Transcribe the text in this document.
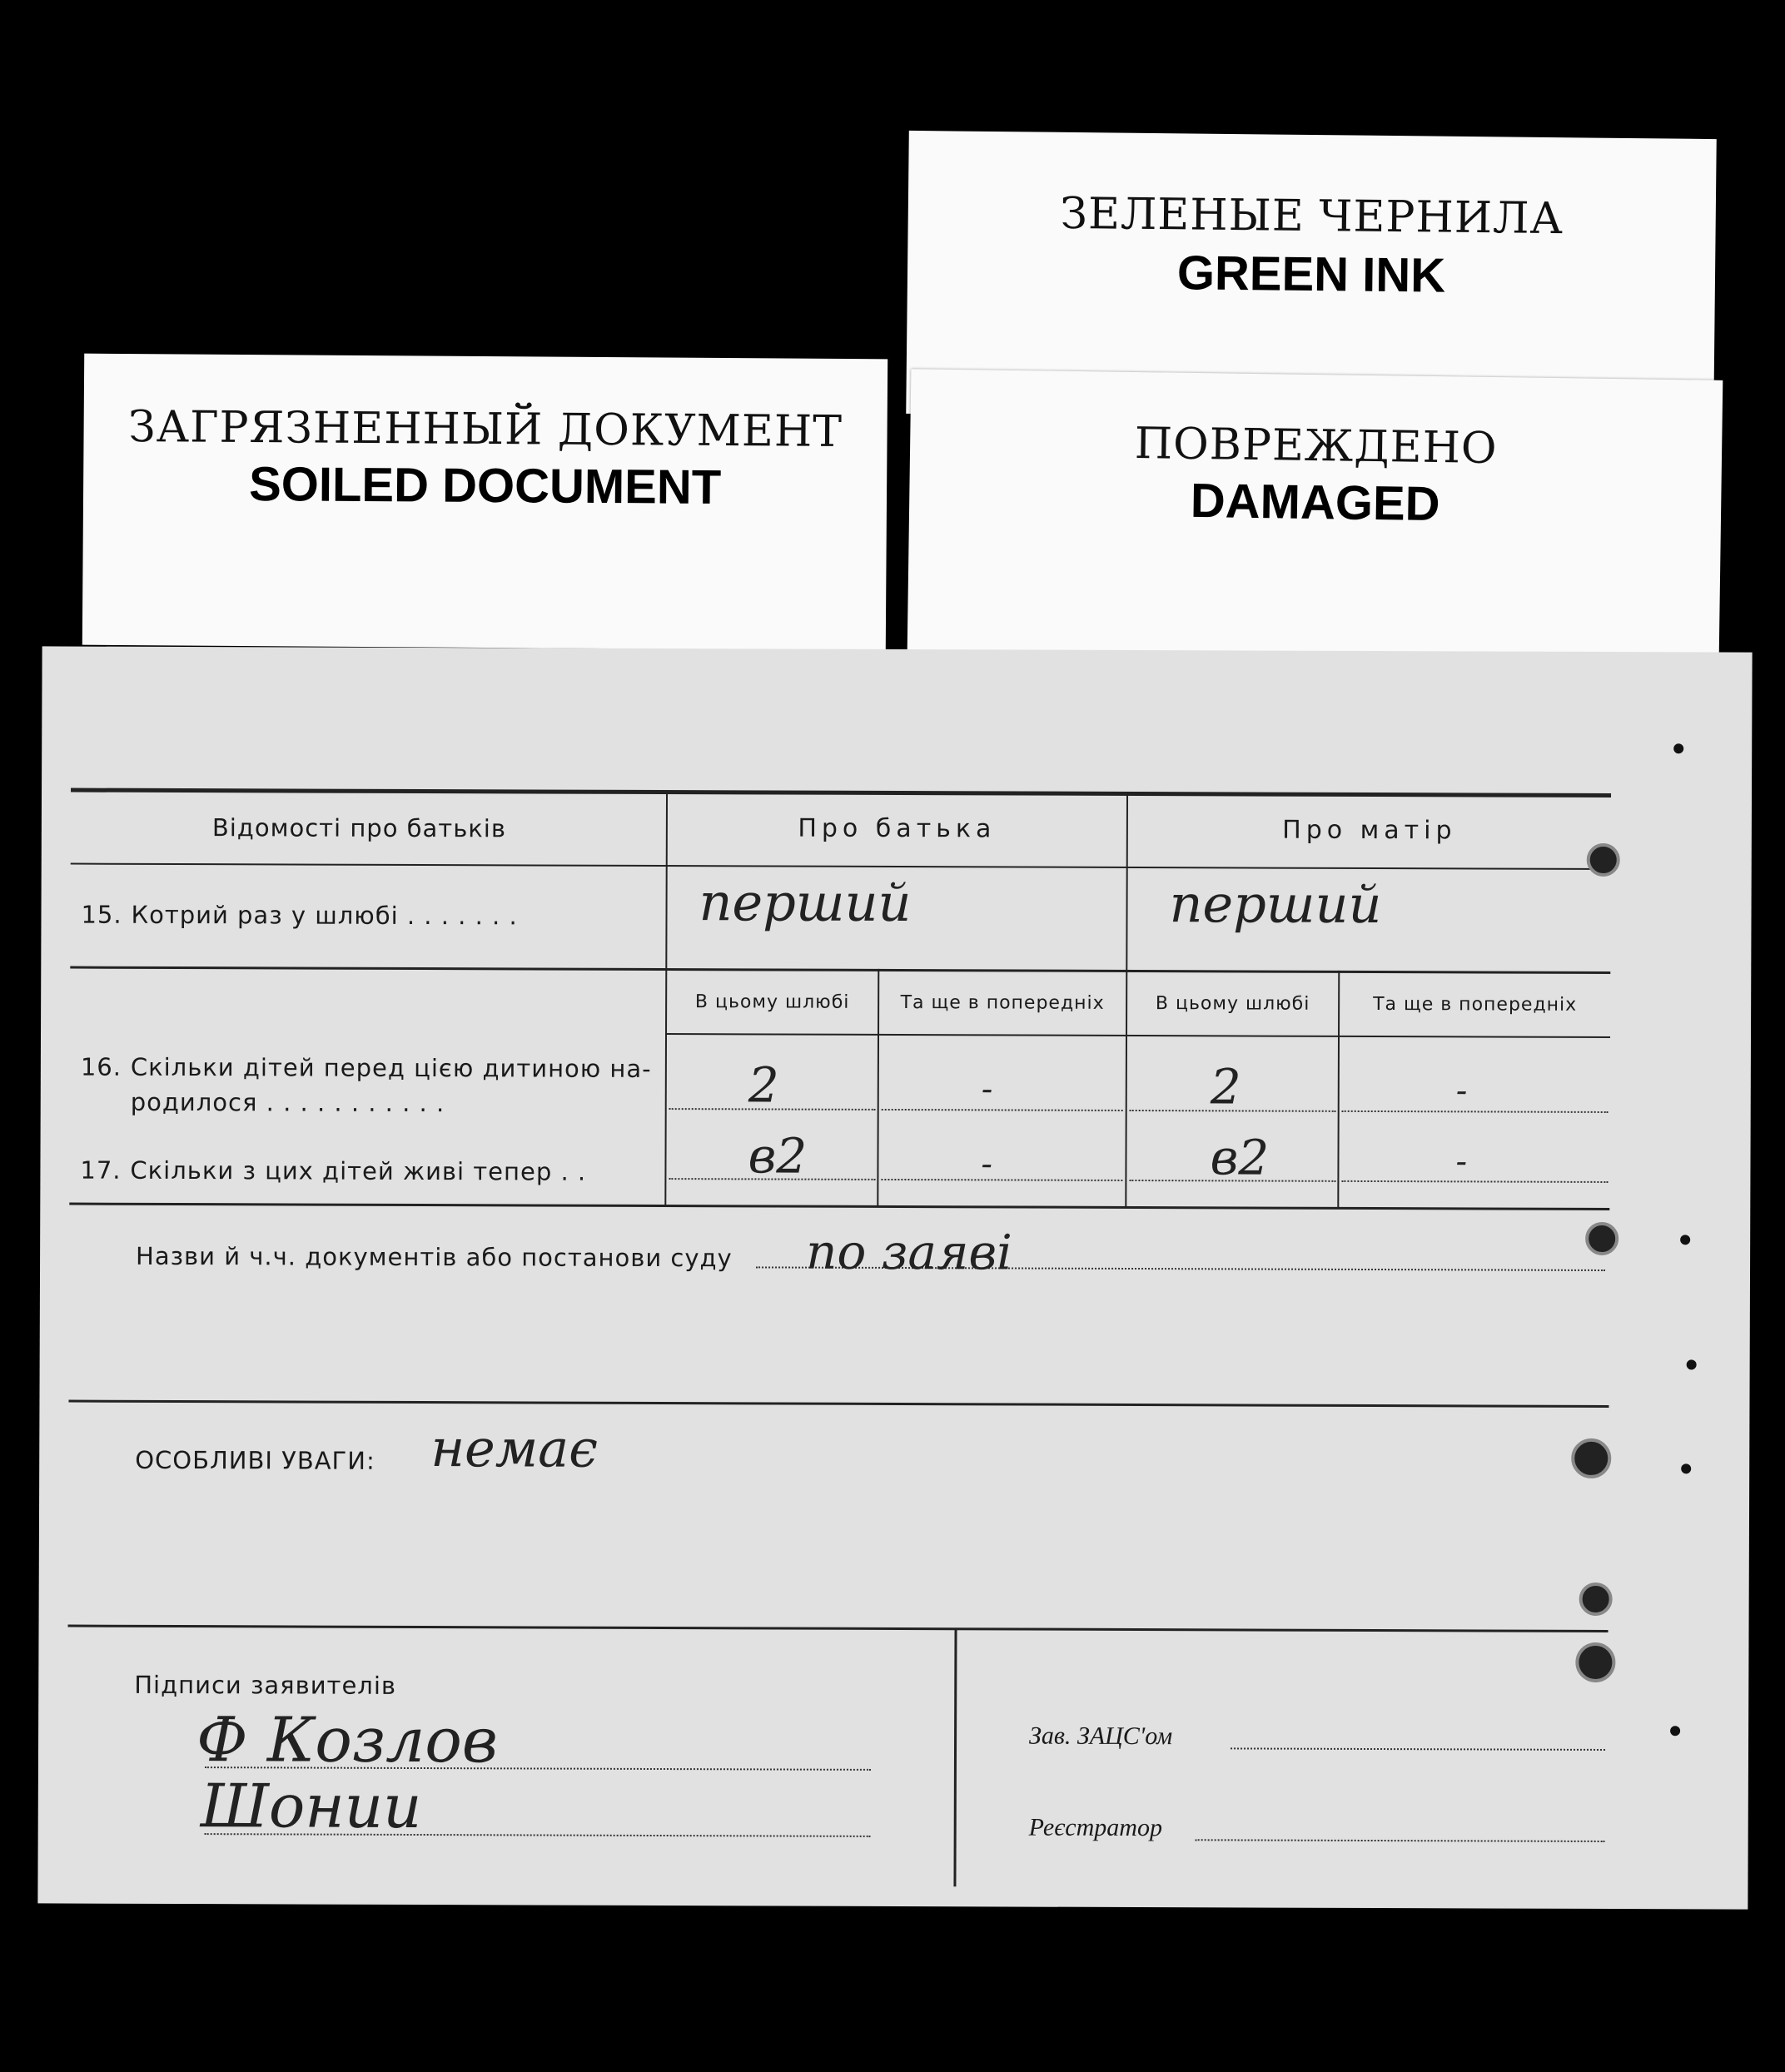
ЗЕЛЕНЫЕ ЧЕРНИЛА
GREEN INK
ЗАГРЯЗНЕННЫЙ ДОКУМЕНТ
SOILED DOCUMENT
ПОВРЕЖДЕНО
DAMAGED
Відомості про батьків	Про батька	Про матір
15. Котрий раз у шлюбі . . . . . . .	перший	перший
В цьому шлюбі	Та ще в попередніх	В цьому шлюбі	Та ще в попередніх
16. Скільки дітей перед цією дитиною на-
родилося . . . . . . . . . . .	2	-	2	-
17. Скільки з цих дітей живі тепер . .	в2	-	в2	-
Назви й ч.ч. документів або постанови суду по заяві
ОСОБЛИВІ УВАГИ: немає
Підписи заявителів
Ф Козлов
Шонии
Зав. ЗАЦС'ом
Реєстратор
